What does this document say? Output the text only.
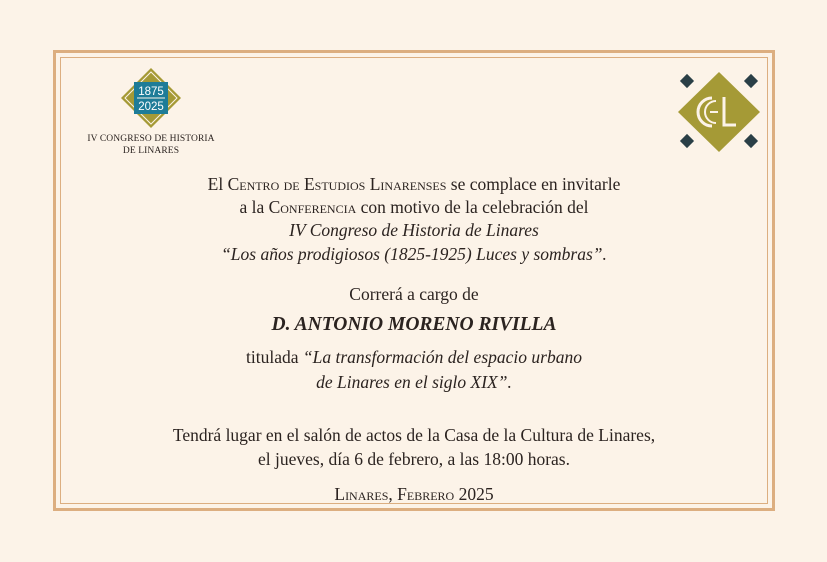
1875
2025
IV CONGRESO DE HISTORIA
DE LINARES
El Centro de Estudios Linarenses se complace en invitarle
a la Conferencia con motivo de la celebración del
IV Congreso de Historia de Linares
“Los años prodigiosos (1825-1925) Luces y sombras”.
Correrá a cargo de
D. ANTONIO MORENO RIVILLA
titulada “La transformación del espacio urbano
de Linares en el siglo XIX”.
Tendrá lugar en el salón de actos de la Casa de la Cultura de Linares,
el jueves, día 6 de febrero, a las 18:00 horas.
Linares, Febrero 2025
